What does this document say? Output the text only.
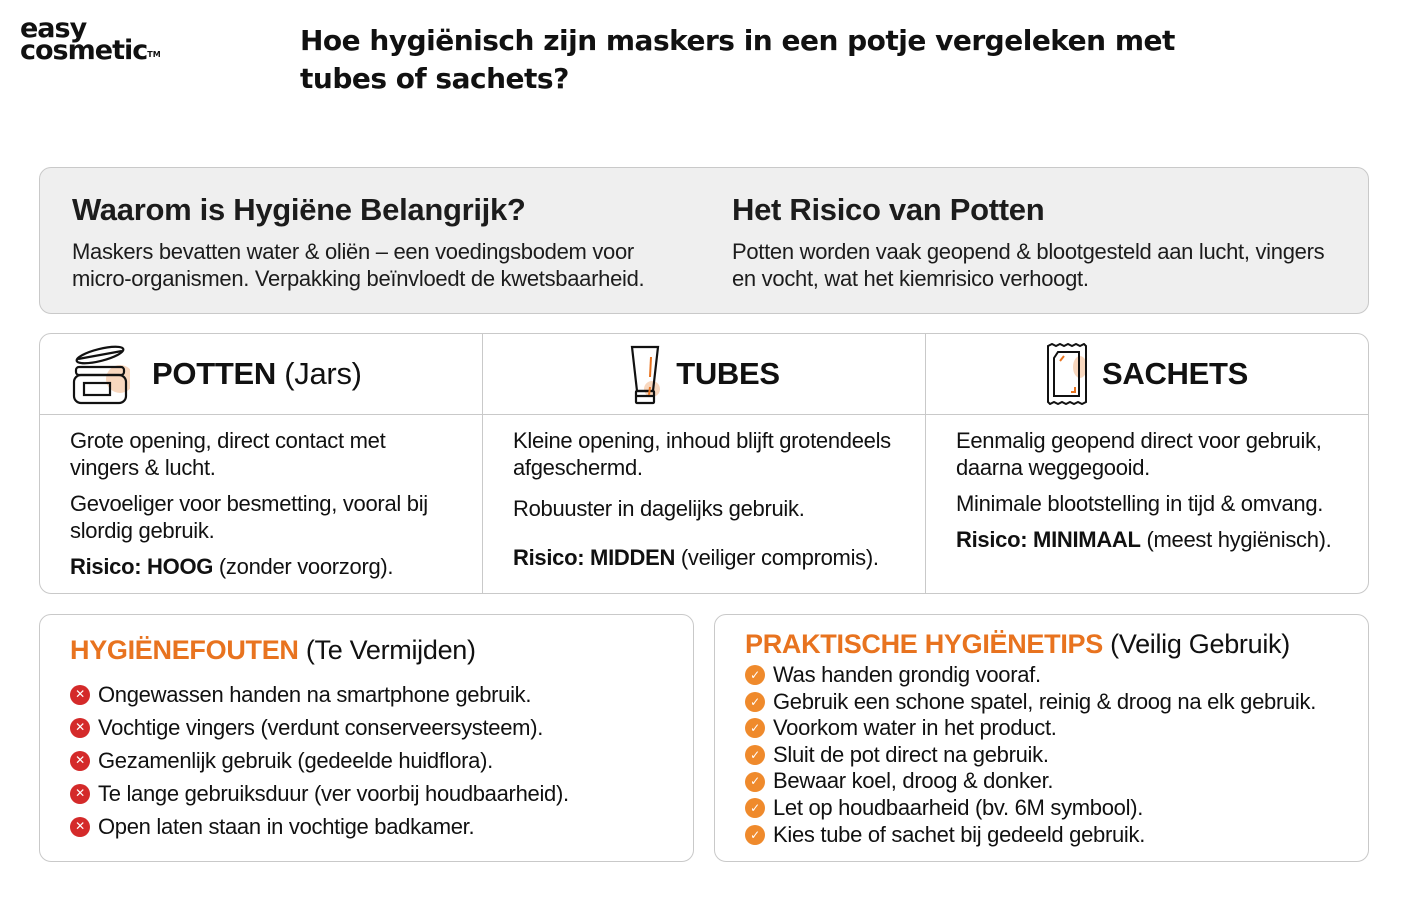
easy
cosmetic™	Hoe hygiënisch zijn maskers in een potje vergeleken met
tubes of sachets?
Waarom is Hygiëne Belangrijk?

Maskers bevatten water & oliën – een voedingsbodem voor micro-organismen. Verpakking beïnvloedt de kwetsbaarheid.

Het Risico van Potten

Potten worden vaak geopend & blootgesteld aan lucht, vingers en vocht, wat het kiemrisico verhoogt.

POTTEN (Jars)

Grote opening, direct contact met vingers & lucht.

Gevoeliger voor besmetting, vooral bij slordig gebruik.

Risico: HOOG (zonder voorzorg).

TUBES

Kleine opening, inhoud blijft grotendeels afgeschermd.

Robuuster in dagelijks gebruik.

Risico: MIDDEN (veiliger compromis).

SACHETS

Eenmalig geopend direct voor gebruik, daarna weggegooid.

Minimale blootstelling in tijd & omvang.

Risico: MINIMAAL (meest hygiënisch).

HYGIËNEFOUTEN (Te Vermijden)
✕ Ongewassen handen na smartphone gebruik.
✕ Vochtige vingers (verdunt conserveersysteem).
✕ Gezamenlijk gebruik (gedeelde huidflora).
✕ Te lange gebruiksduur (ver voorbij houdbaarheid).
✕ Open laten staan in vochtige badkamer.
PRAKTISCHE HYGIËNETIPS (Veilig Gebruik)
✓ Was handen grondig vooraf.
✓ Gebruik een schone spatel, reinig & droog na elk gebruik.
✓ Voorkom water in het product.
✓ Sluit de pot direct na gebruik.
✓ Bewaar koel, droog & donker.
✓ Let op houdbaarheid (bv. 6M symbool).
✓ Kies tube of sachet bij gedeeld gebruik.
